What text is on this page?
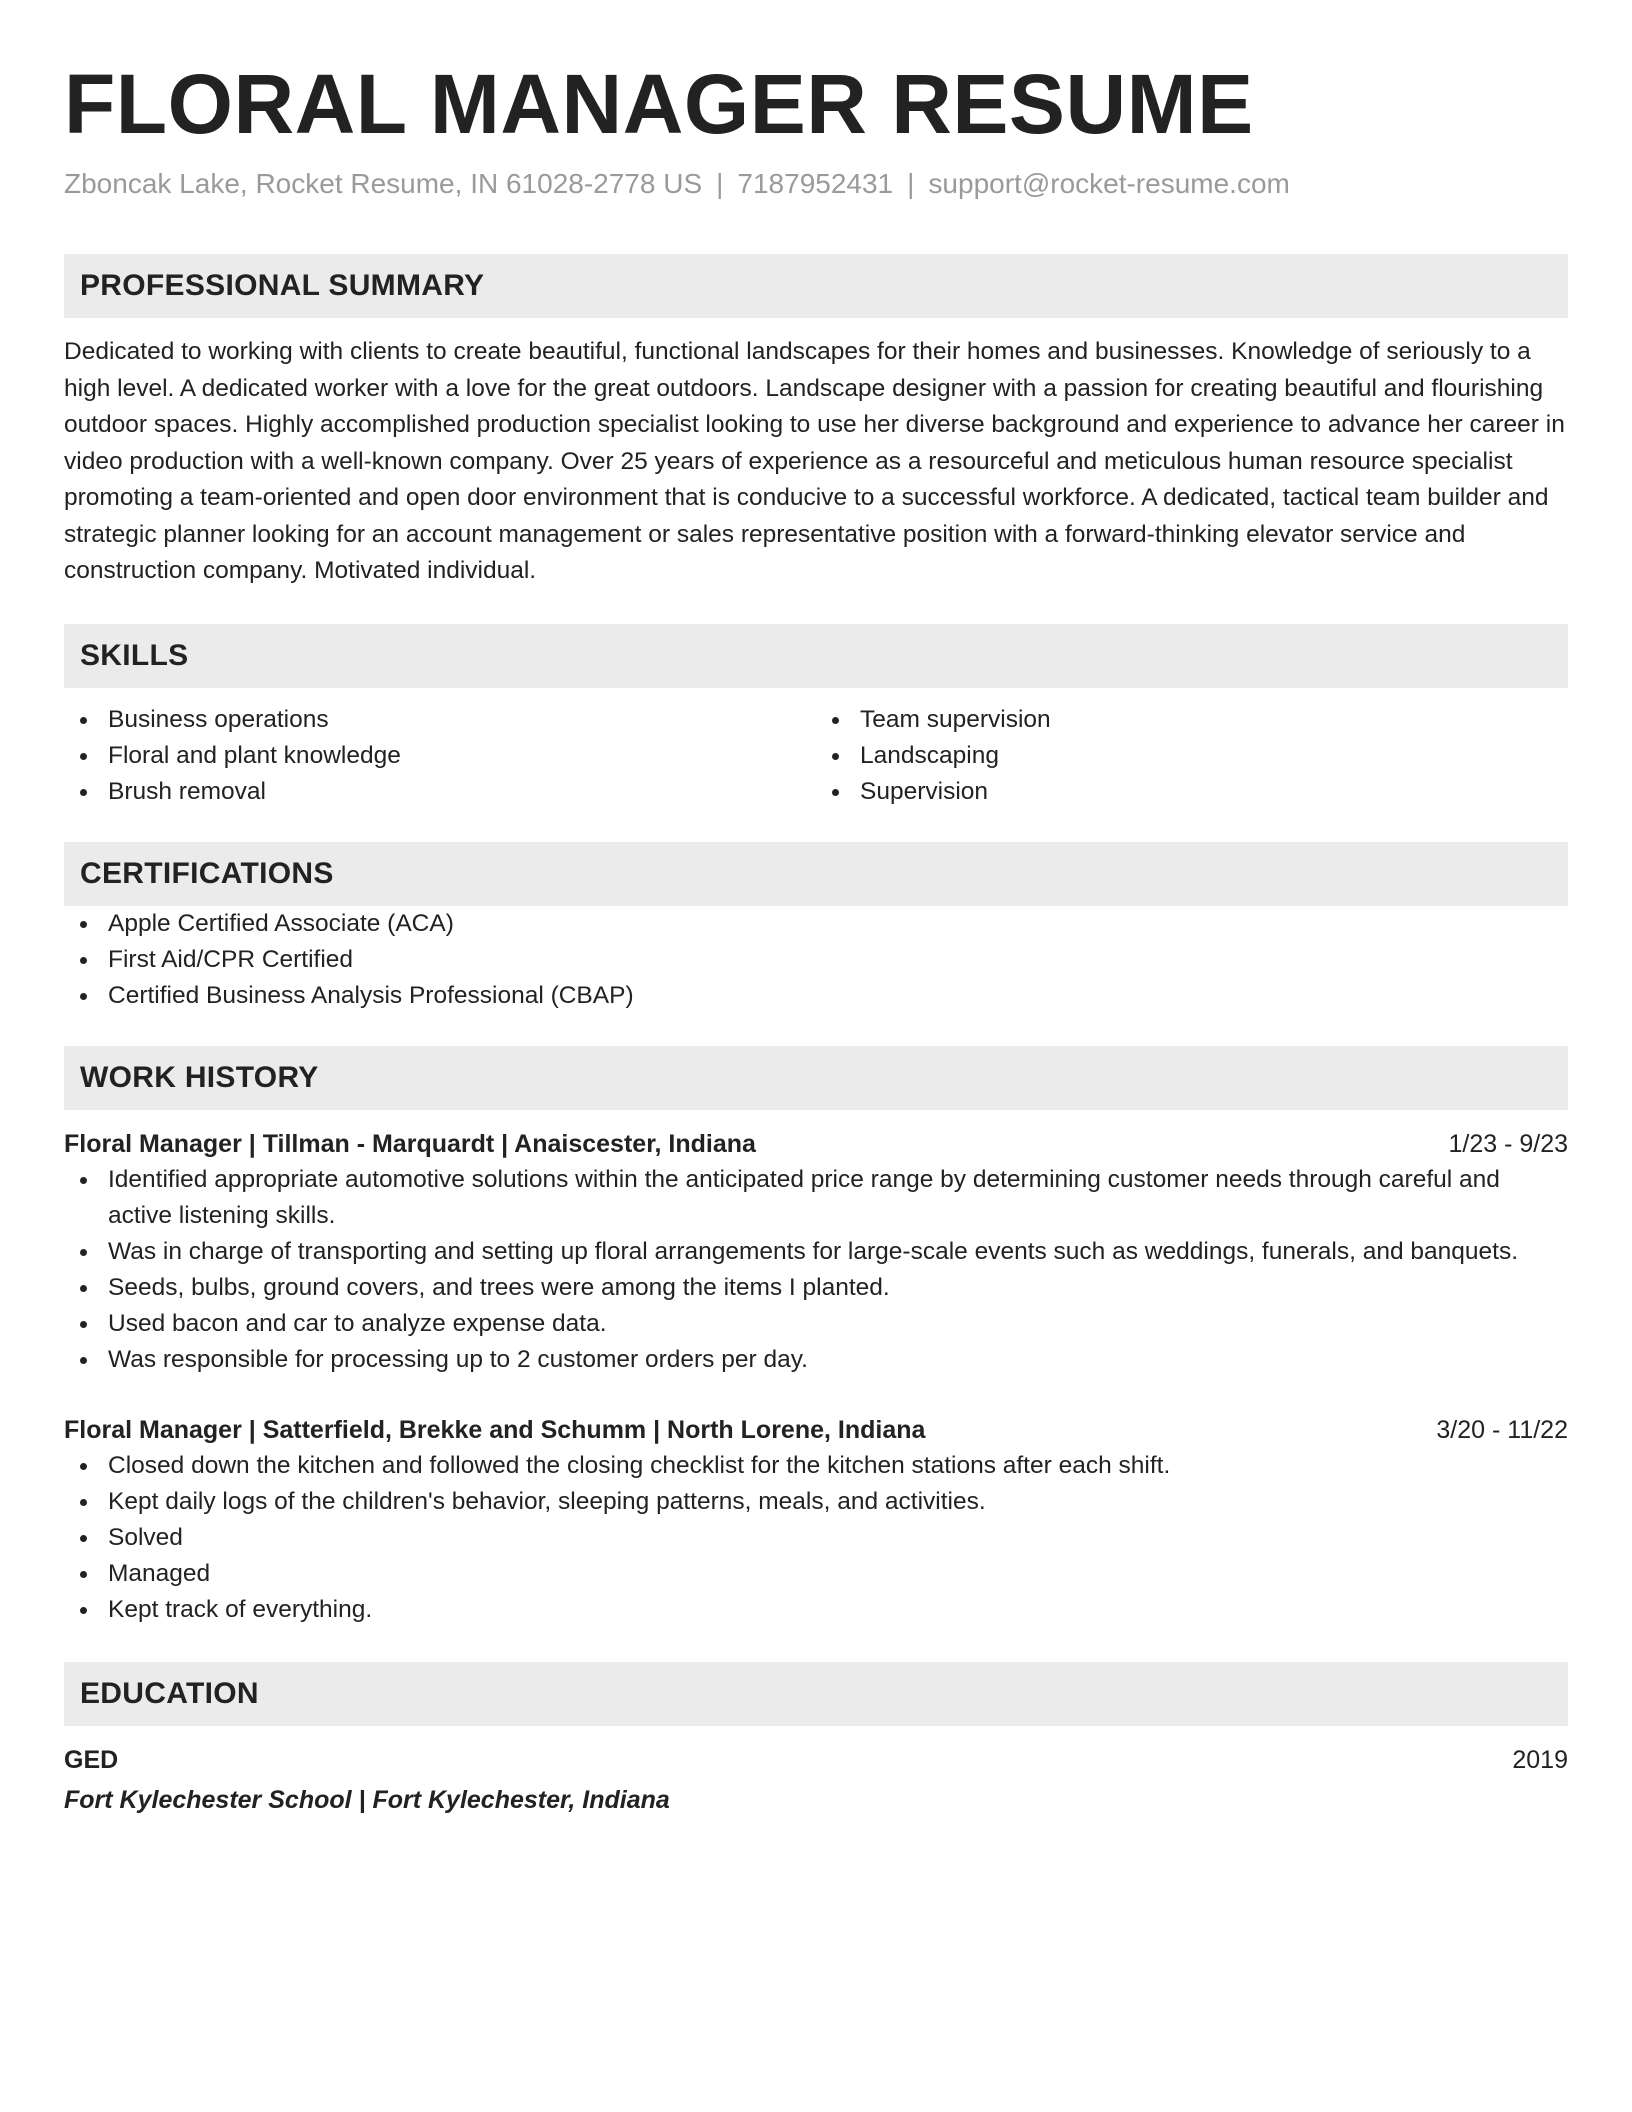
FLORAL MANAGER RESUME
Zboncak Lake, Rocket Resume, IN 61028-2778 US | 7187952431 | support@rocket-resume.com
PROFESSIONAL SUMMARY
Dedicated to working with clients to create beautiful, functional landscapes for their homes and businesses. Knowledge of seriously to a high level. A dedicated worker with a love for the great outdoors. Landscape designer with a passion for creating beautiful and flourishing outdoor spaces. Highly accomplished production specialist looking to use her diverse background and experience to advance her career in video production with a well-known company. Over 25 years of experience as a resourceful and meticulous human resource specialist promoting a team-oriented and open door environment that is conducive to a successful workforce. A dedicated, tactical team builder and strategic planner looking for an account management or sales representative position with a forward-thinking elevator service and construction company. Motivated individual.
SKILLS
Business operations
Floral and plant knowledge
Brush removal
Team supervision
Landscaping
Supervision
CERTIFICATIONS
Apple Certified Associate (ACA)
First Aid/CPR Certified
Certified Business Analysis Professional (CBAP)
WORK HISTORY
Floral Manager | Tillman - Marquardt | Anaiscester, Indiana	1/23 - 9/23
Identified appropriate automotive solutions within the anticipated price range by determining customer needs through careful and active listening skills.
Was in charge of transporting and setting up floral arrangements for large-scale events such as weddings, funerals, and banquets.
Seeds, bulbs, ground covers, and trees were among the items I planted.
Used bacon and car to analyze expense data.
Was responsible for processing up to 2 customer orders per day.
Floral Manager | Satterfield, Brekke and Schumm | North Lorene, Indiana	3/20 - 11/22
Closed down the kitchen and followed the closing checklist for the kitchen stations after each shift.
Kept daily logs of the children's behavior, sleeping patterns, meals, and activities.
Solved
Managed
Kept track of everything.
EDUCATION
GED	2019
Fort Kylechester School | Fort Kylechester, Indiana
